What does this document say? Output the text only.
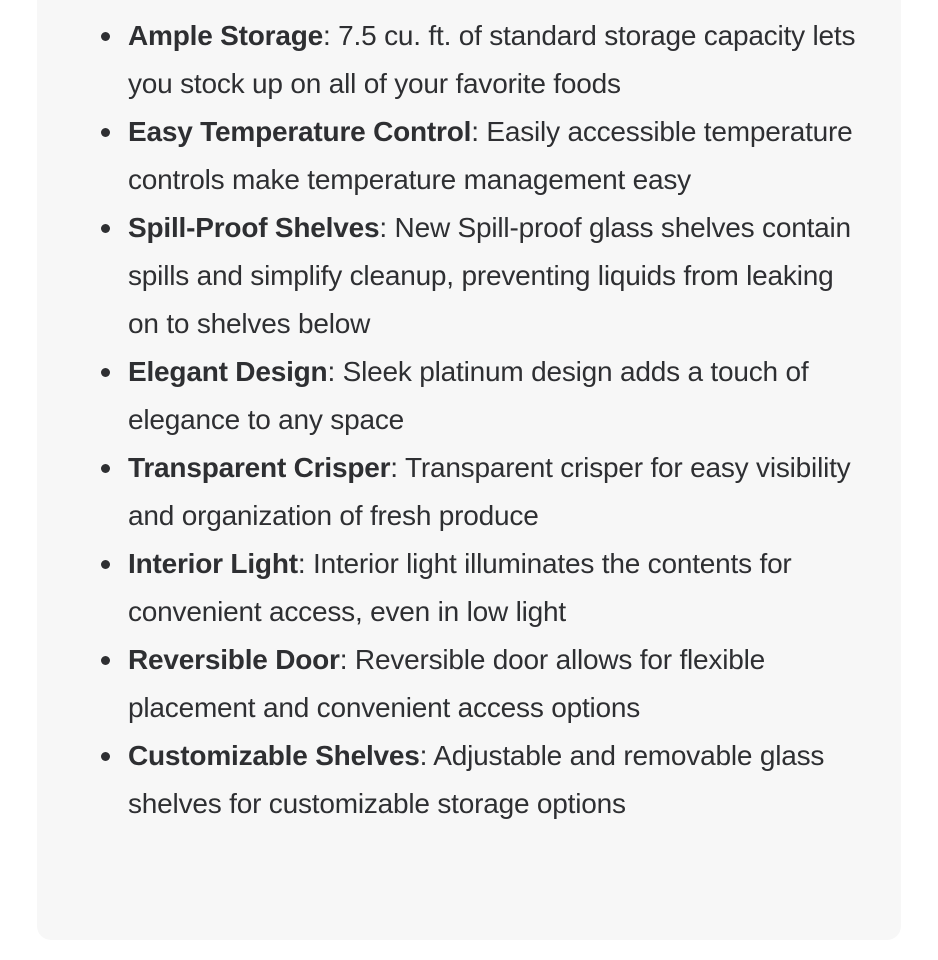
Ample Storage: 7.5 cu. ft. of standard storage capacity lets you stock up on all of your favorite foods
Easy Temperature Control: Easily accessible temperature controls make temperature management easy
Spill-Proof Shelves: New Spill-proof glass shelves contain spills and simplify cleanup, preventing liquids from leaking on to shelves below
Elegant Design: Sleek platinum design adds a touch of elegance to any space
Transparent Crisper: Transparent crisper for easy visibility and organization of fresh produce
Interior Light: Interior light illuminates the contents for convenient access, even in low light
Reversible Door: Reversible door allows for flexible placement and convenient access options
Customizable Shelves: Adjustable and removable glass shelves for customizable storage options
